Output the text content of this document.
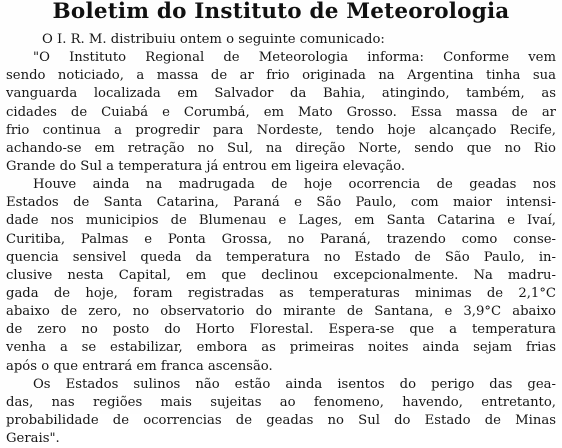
Boletim do Instituto de Meteorologia
O I. R. M. distribuiu ontem o seguinte comunicado:
"O Instituto Regional de Meteorologia informa: Conforme vem
sendo noticiado, a massa de ar frio originada na Argentina tinha sua
vanguarda localizada em Salvador da Bahia, atingindo, também, as
cidades de Cuiabá e Corumbá, em Mato Grosso. Essa massa de ar
frio continua a progredir para Nordeste, tendo hoje alcançado Recife,
achando-se em retração no Sul, na direção Norte, sendo que no Rio
Grande do Sul a temperatura já entrou em ligeira elevação.
Houve ainda na madrugada de hoje ocorrencia de geadas nos
Estados de Santa Catarina, Paraná e São Paulo, com maior intensi-
dade nos municipios de Blumenau e Lages, em Santa Catarina e Ivaí,
Curitiba, Palmas e Ponta Grossa, no Paraná, trazendo como conse-
quencia sensivel queda da temperatura no Estado de São Paulo, in-
clusive nesta Capital, em que declinou excepcionalmente. Na madru-
gada de hoje, foram registradas as temperaturas minimas de 2,1°C
abaixo de zero, no observatorio do mirante de Santana, e 3,9°C abaixo
de zero no posto do Horto Florestal. Espera-se que a temperatura
venha a se estabilizar, embora as primeiras noites ainda sejam frias
após o que entrará em franca ascensão.
Os Estados sulinos não estão ainda isentos do perigo das gea-
das, nas regiões mais sujeitas ao fenomeno, havendo, entretanto,
probabilidade de ocorrencias de geadas no Sul do Estado de Minas
Gerais".
